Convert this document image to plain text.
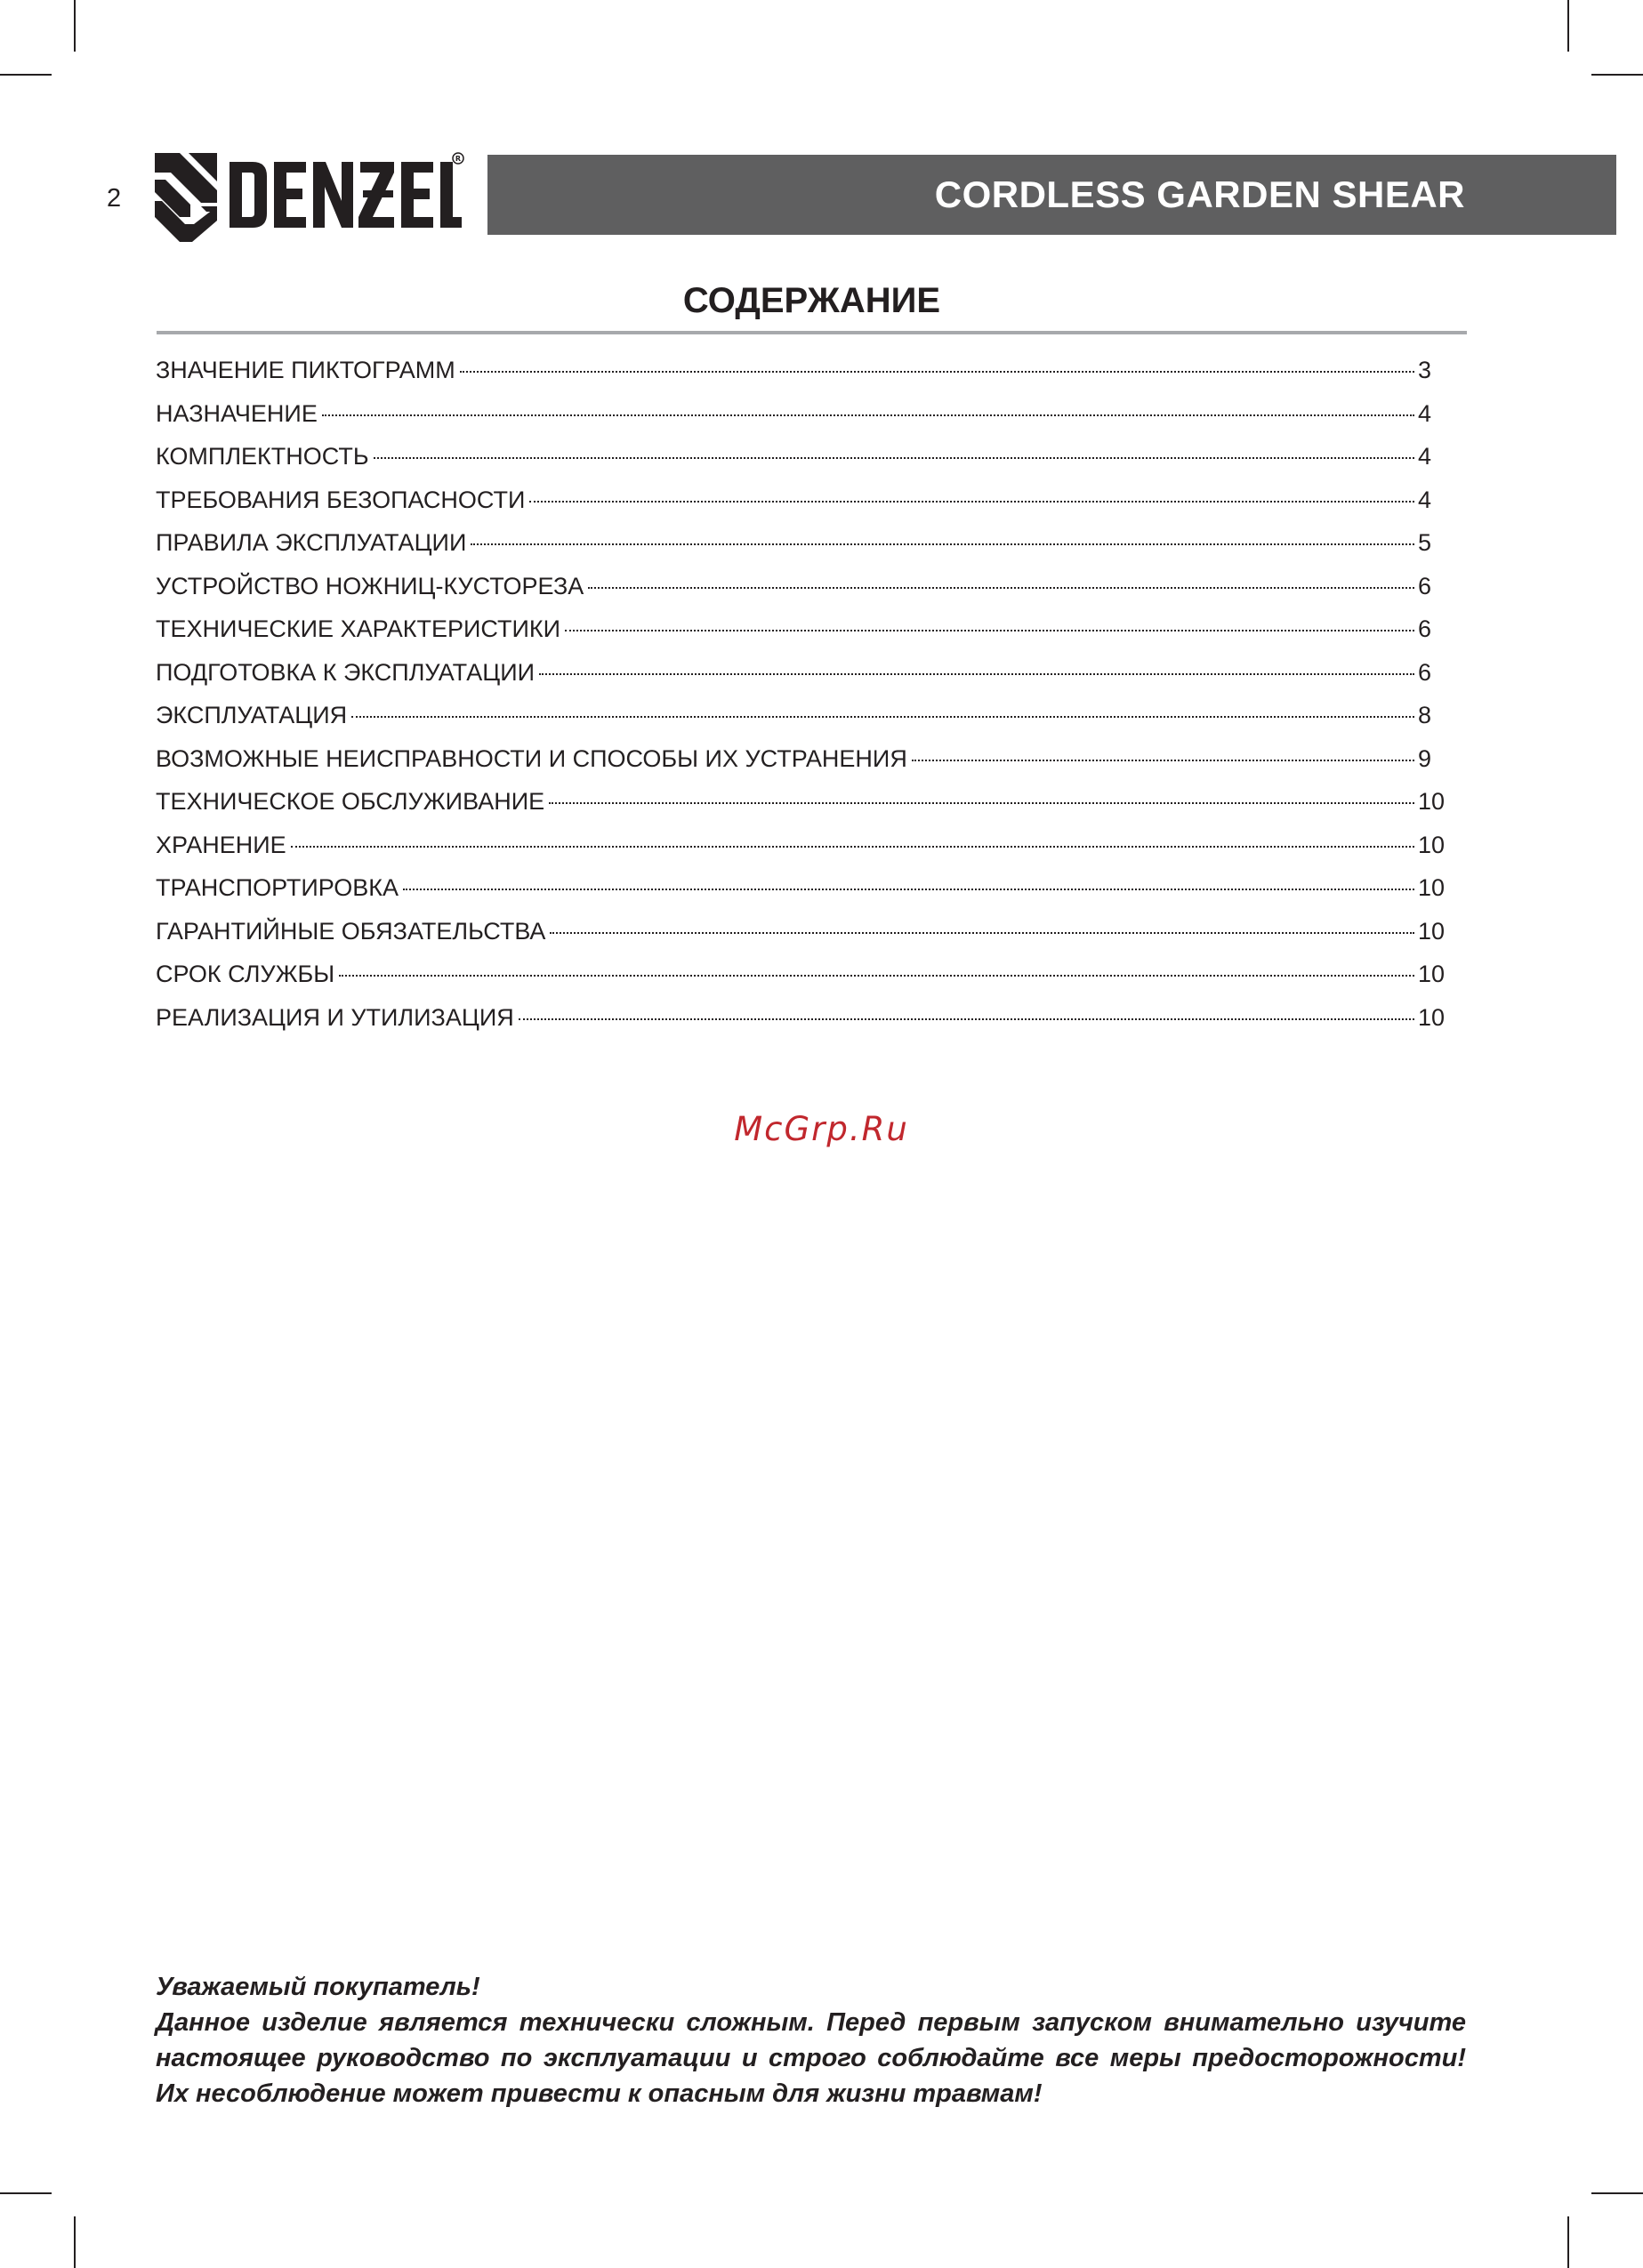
2
R
CORDLESS GARDEN SHEAR
СОДЕРЖАНИЕ
ЗНАЧЕНИЕ ПИКТОГРАММ	3
НАЗНАЧЕНИЕ	4
КОМПЛЕКТНОСТЬ	4
ТРЕБОВАНИЯ БЕЗОПАСНОСТИ	4
ПРАВИЛА ЭКСПЛУАТАЦИИ	5
УСТРОЙСТВО НОЖНИЦ-КУСТОРЕЗА	6
ТЕХНИЧЕСКИЕ ХАРАКТЕРИСТИКИ	6
ПОДГОТОВКА К ЭКСПЛУАТАЦИИ	6
ЭКСПЛУАТАЦИЯ	8
ВОЗМОЖНЫЕ НЕИСПРАВНОСТИ И СПОСОБЫ ИХ УСТРАНЕНИЯ	9
ТЕХНИЧЕСКОЕ ОБСЛУЖИВАНИЕ	10
ХРАНЕНИЕ	10
ТРАНСПОРТИРОВКА	10
ГАРАНТИЙНЫЕ ОБЯЗАТЕЛЬСТВА	10
СРОК СЛУЖБЫ	10
РЕАЛИЗАЦИЯ И УТИЛИЗАЦИЯ	10
McGrp.Ru

Уважаемый покупатель!

Данное изделие является технически сложным. Перед первым запуском внимательно изучите настоящее руководство по эксплуатации и строго соблюдайте все меры предосторожности! Их несоблюдение может привести к опасным для жизни травмам!
